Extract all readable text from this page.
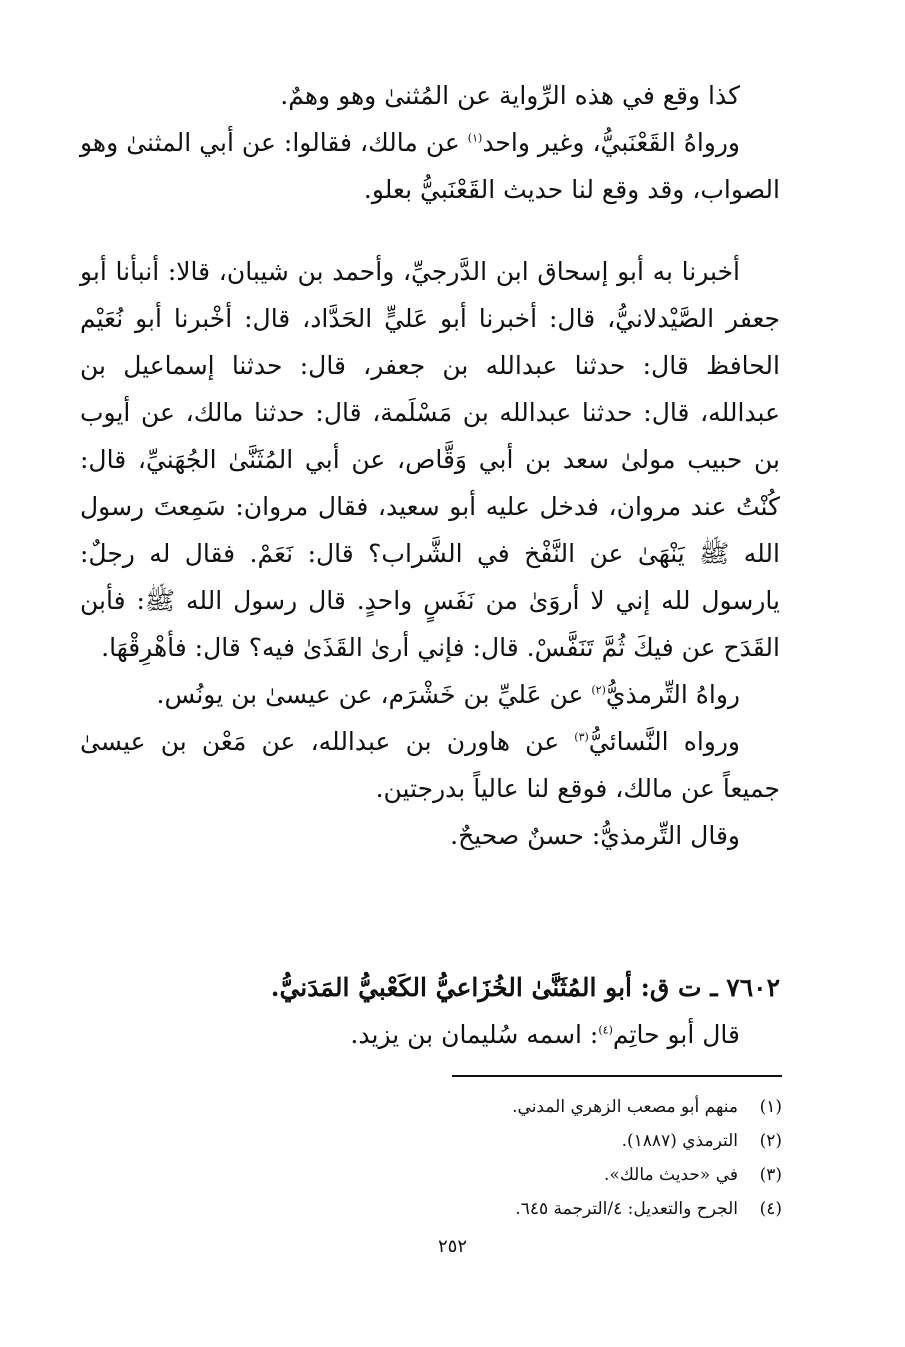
كذا وقع في هذه الرِّواية عن المُثنىٰ وهو وهمٌ.

ورواهُ القَعْنَبيُّ، وغير واحد$^{(١)}$ عن مالك، فقالوا: عن أبي المثنىٰ وهو الصواب، وقد وقع لنا حديث القَعْنَبيُّ بعلو.

أخبرنا به أبو إسحاق ابن الدَّرجيِّ، وأحمد بن شيبان، قالا: أنبأنا أبو جعفر الصَّيْدلانيُّ، قال: أخبرنا أبو عَليٍّ الحَدَّاد، قال: أخْبرنا أبو نُعَيْم الحافظ قال: حدثنا عبدالله بن جعفر، قال: حدثنا إسماعيل بن عبدالله، قال: حدثنا عبدالله بن مَسْلَمة، قال: حدثنا مالك، عن أيوب بن حبيب مولىٰ سعد بن أبي وَقَّاص، عن أبي المُثَنَّىٰ الجُهَنيِّ، قال: كُنْتُ عند مروان، فدخل عليه أبو سعيد، فقال مروان: سَمِعتَ رسول الله ﷺ يَنْهَىٰ عن النَّفْخ في الشَّراب؟ قال: نَعَمْ. فقال له رجلٌ: يارسول لله إني لا أروَىٰ من نَفَسٍ واحدٍ. قال رسول الله ﷺ: فأبن القَدَح عن فيكَ ثُمَّ تَنَفَّسْ. قال: فإني أرىٰ القَذَىٰ فيه؟ قال: فأهْرِقْهَا.

رواهُ التِّرمذيُّ$^{(٢)}$ عن عَليِّ بن خَشْرَم، عن عيسىٰ بن يونُس.

ورواه النَّسائيُّ$^{(٣)}$ عن هاورن بن عبدالله، عن مَعْن بن عيسىٰ جميعاً عن مالك، فوقع لنا عالياً بدرجتين.

وقال التِّرمذيُّ: حسنٌ صحيحٌ.

٧٦٠٢ ـ ت ق: أبو المُثَنَّىٰ الخُزَاعيُّ الكَعْبيُّ المَدَنيُّ.

قال أبو حاتِم$^{(٤)}$: اسمه سُليمان بن يزيد.

(١)
منهم أبو مصعب الزهري المدني.
(٢)
الترمذي (١٨٨٧).
(٣)
في «حديث مالك».
(٤)
الجرح والتعديل: ٤/الترجمة ٦٤٥.
٢٥٢
